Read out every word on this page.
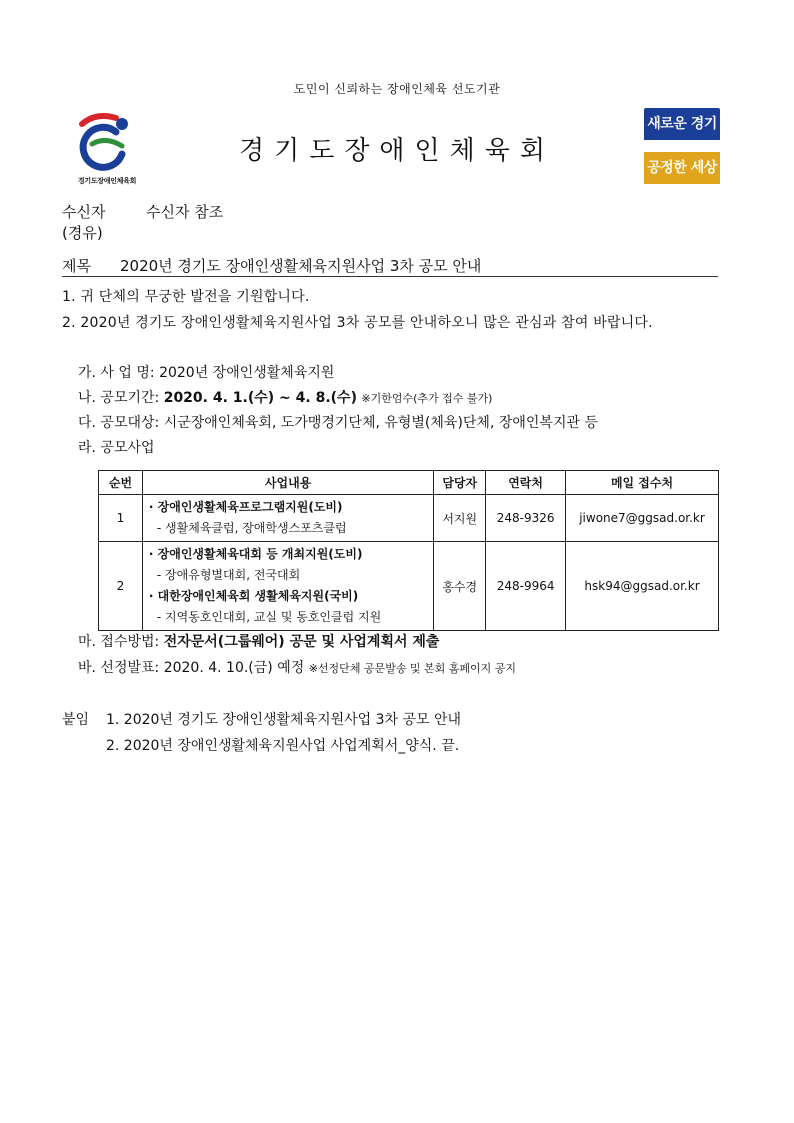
도민이 신뢰하는 장애인체육 선도기관
경기도장애인체육회
경기도장애인체육회
새로운 경기
공정한 세상
수신자	수신자 참조
(경유)
제목 2020년 경기도 장애인생활체육지원사업 3차 공모 안내
1. 귀 단체의 무궁한 발전을 기원합니다.
2. 2020년 경기도 장애인생활체육지원사업 3차 공모를 안내하오니 많은 관심과 참여 바랍니다.
가. 사 업 명: 2020년 장애인생활체육지원
나. 공모기간: 2020. 4. 1.(수) ~ 4. 8.(수) ※기한엄수(추가 접수 불가)
다. 공모대상: 시군장애인체육회, 도가맹경기단체, 유형별(체육)단체, 장애인복지관 등
라. 공모사업
순번	사업내용	담당자	연락처	메일 접수처
1	· 장애인생활체육프로그램지원(도비)
- 생활체육클럽, 장애학생스포츠클럽	서지원	248-9326	jiwone7@ggsad.or.kr
2	· 장애인생활체육대회 등 개최지원(도비)
- 장애유형별대회, 전국대회
· 대한장애인체육회 생활체육지원(국비)
- 지역동호인대회, 교실 및 동호인클럽 지원	홍수경	248-9964	hsk94@ggsad.or.kr
마. 접수방법: 전자문서(그룹웨어) 공문 및 사업계획서 제출
바. 선정발표: 2020. 4. 10.(금) 예정 ※선정단체 공문발송 및 본회 홈페이지 공지
붙임 1. 2020년 경기도 장애인생활체육지원사업 3차 공모 안내
2. 2020년 장애인생활체육지원사업 사업계획서_양식. 끝.
